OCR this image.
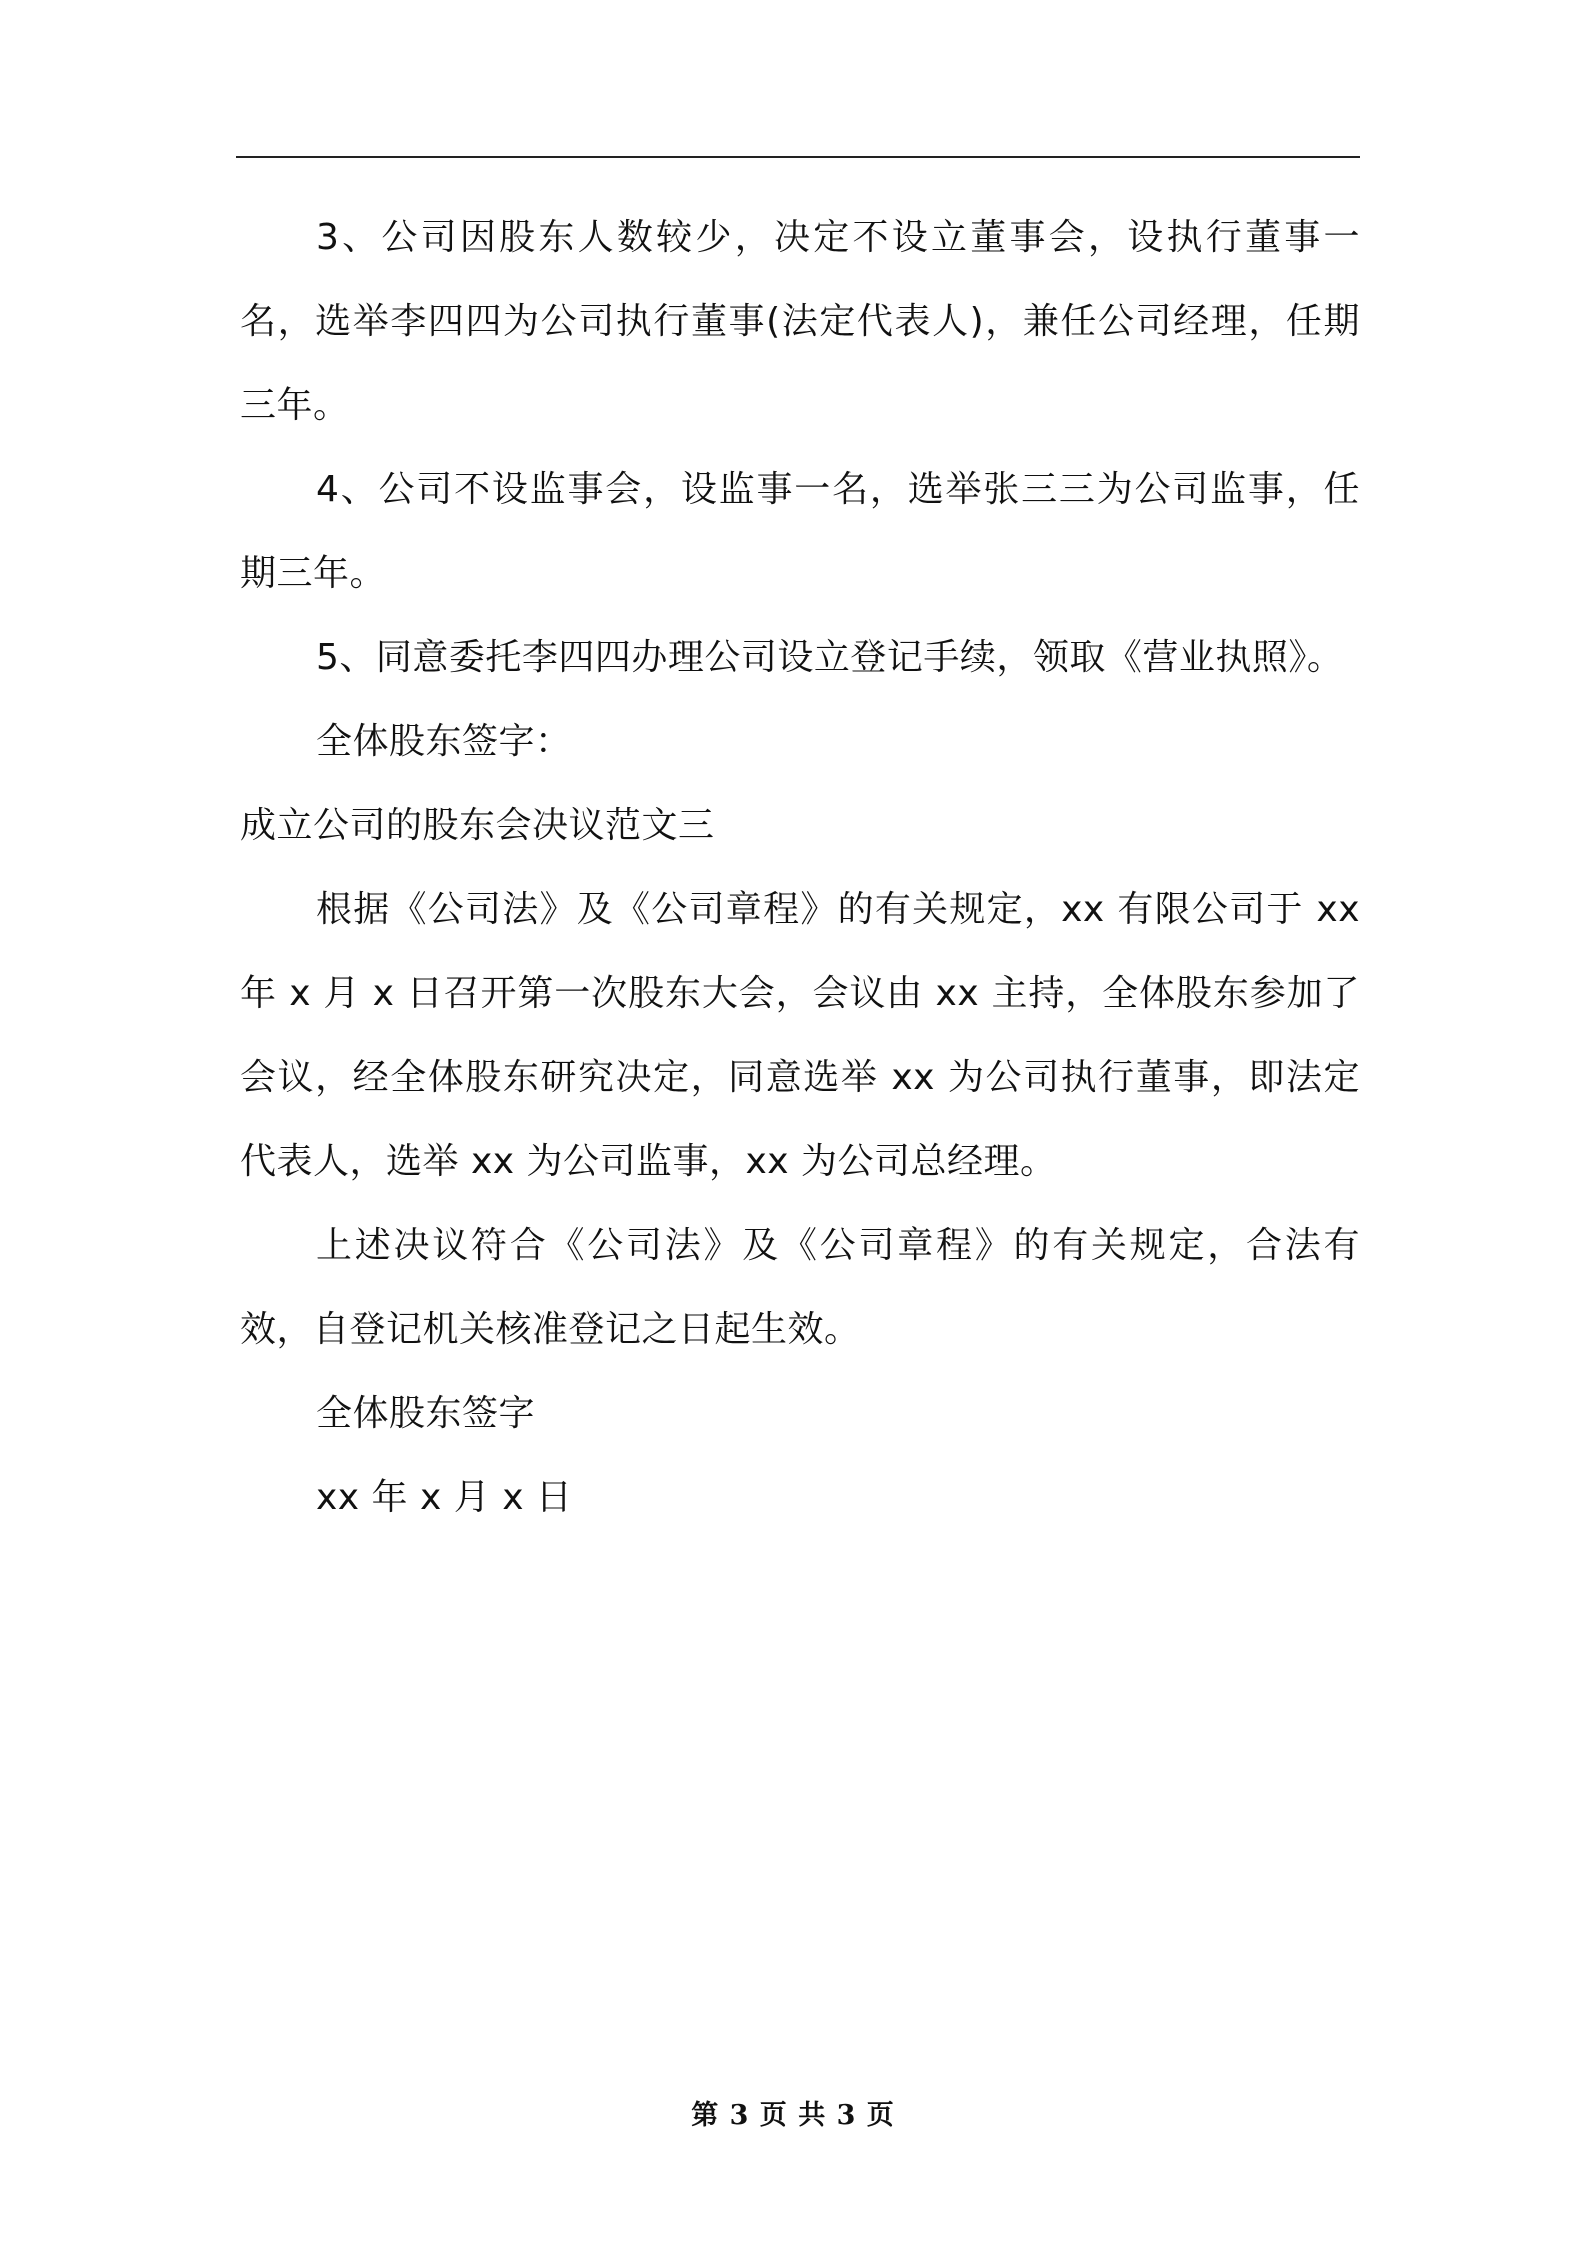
3、公司因股东人数较少，决定不设立董事会，设执行董事一名，选举李四四为公司执行董事(法定代表人)，兼任公司经理，任期三年。

4、公司不设监事会，设监事一名，选举张三三为公司监事，任期三年。

5、同意委托李四四办理公司设立登记手续，领取《营业执照》。

全体股东签字：

成立公司的股东会决议范文三

根据《公司法》及《公司章程》的有关规定，xx 有限公司于 xx 年 x 月 x 日召开第一次股东大会，会议由 xx 主持，全体股东参加了会议，经全体股东研究决定，同意选举 xx 为公司执行董事，即法定代表人，选举 xx 为公司监事，xx 为公司总经理。

上述决议符合《公司法》及《公司章程》的有关规定，合法有效，自登记机关核准登记之日起生效。

全体股东签字

xx 年 x 月 x 日

第 3 页 共 3 页
